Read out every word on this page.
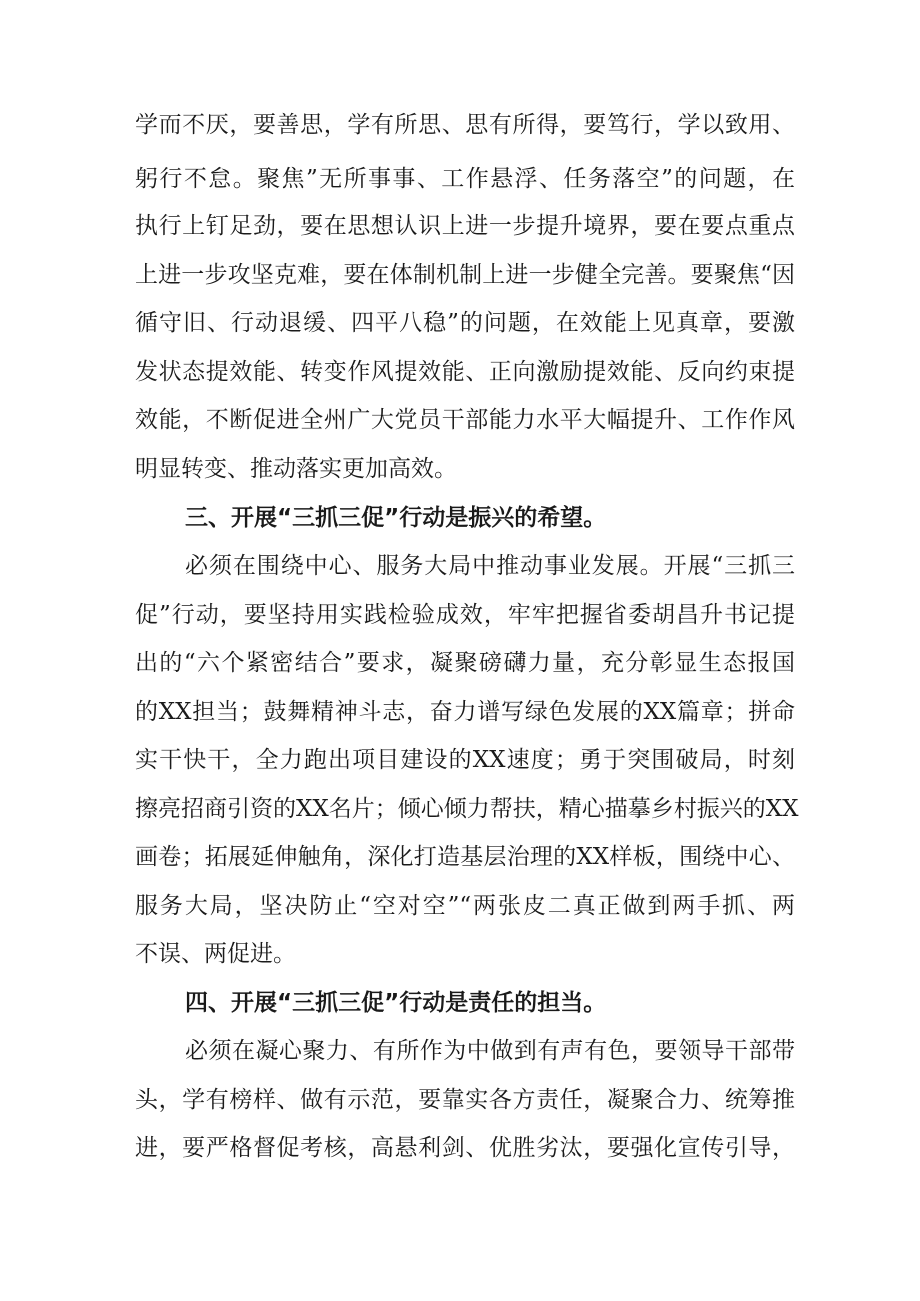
学而不厌，要善思，学有所思、思有所得，要笃行，学以致用、
躬行不怠。聚焦”无所事事、工作悬浮、任务落空”的问题，在
执行上钉足劲，要在思想认识上进一步提升境界，要在要点重点
上进一步攻坚克难，要在体制机制上进一步健全完善。要聚焦“因
循守旧、行动退缓、四平八稳”的问题，在效能上见真章，要激
发状态提效能、转变作风提效能、正向激励提效能、反向约束提
效能，不断促进全州广大党员干部能力水平大幅提升、工作作风
明显转变、推动落实更加高效。
三、开展“三抓三促”行动是振兴的希望。
必须在围绕中心、服务大局中推动事业发展。开展“三抓三
促”行动，要坚持用实践检验成效，牢牢把握省委胡昌升书记提
出的“六个紧密结合”要求，凝聚磅礴力量，充分彰显生态报国
的XX担当；鼓舞精神斗志，奋力谱写绿色发展的XX篇章；拼命
实干快干，全力跑出项目建设的XX速度；勇于突围破局，时刻
擦亮招商引资的XX名片；倾心倾力帮扶，精心描摹乡村振兴的XX
画卷；拓展延伸触角，深化打造基层治理的XX样板，围绕中心、
服务大局，坚决防止“空对空”“两张皮二真正做到两手抓、两
不误、两促进。
四、开展“三抓三促”行动是责任的担当。
必须在凝心聚力、有所作为中做到有声有色，要领导干部带
头，学有榜样、做有示范，要靠实各方责任，凝聚合力、统筹推
进，要严格督促考核，高悬利剑、优胜劣汰，要强化宣传引导，
